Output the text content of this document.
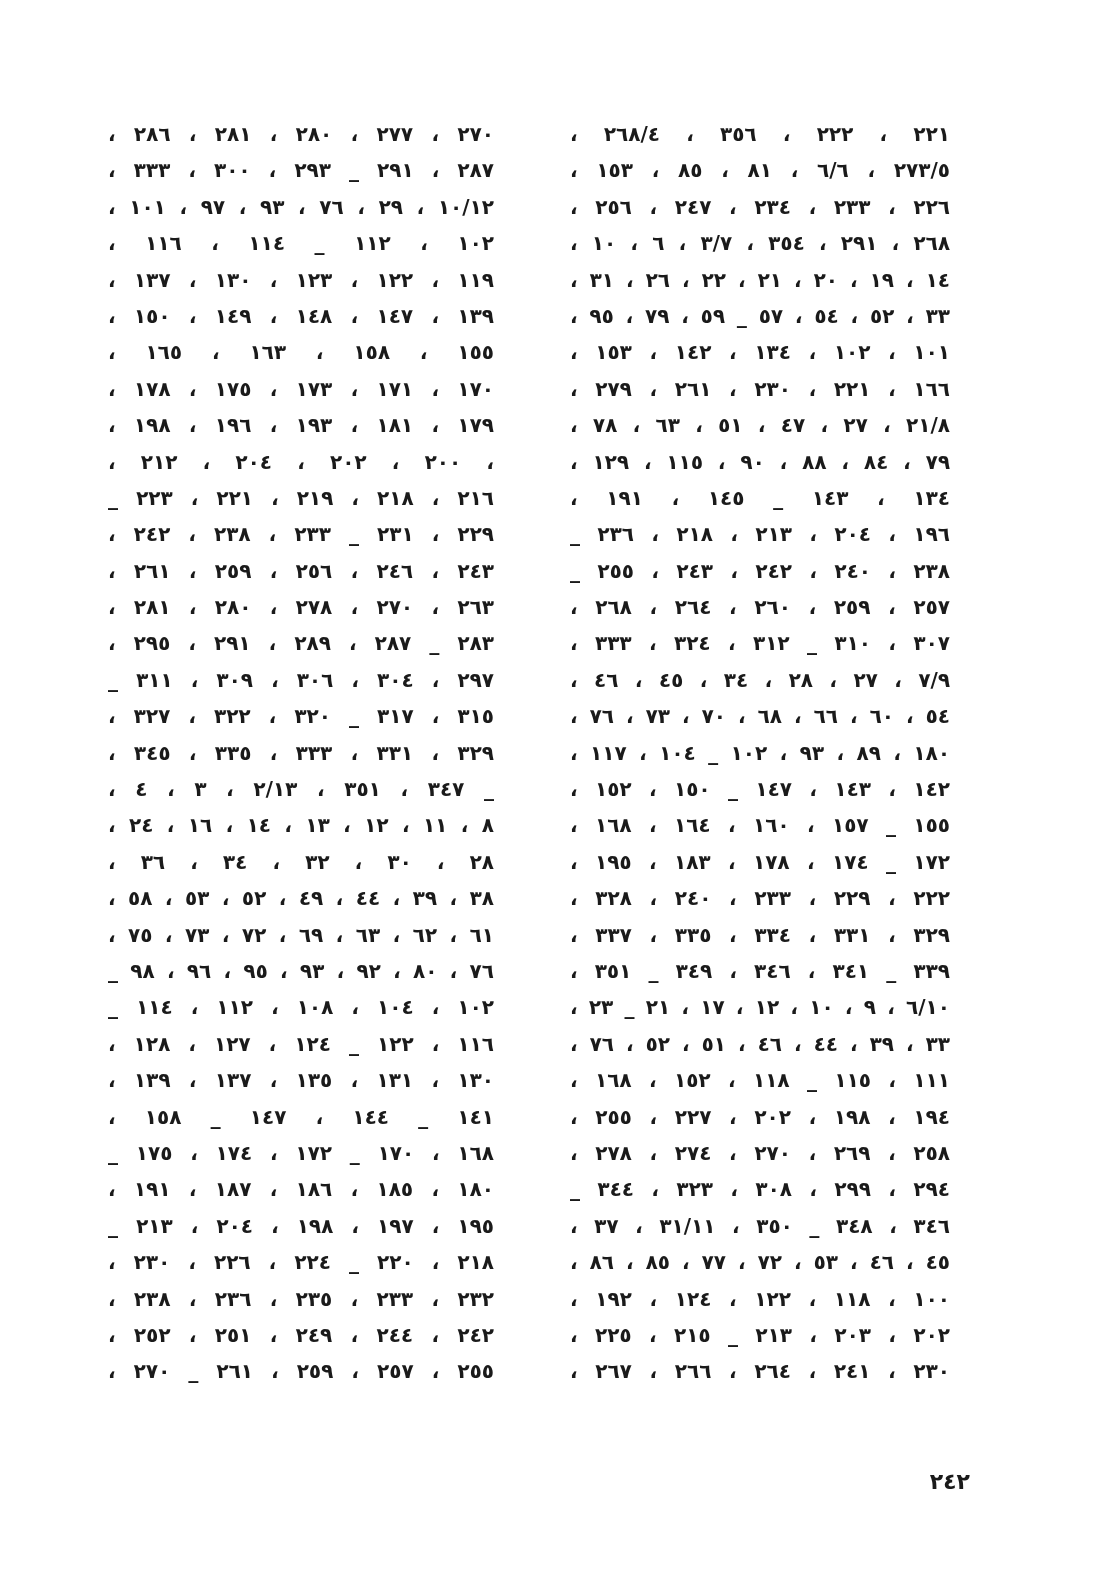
٢٢١ ، ٢٢٢ ، ٣٥٦ ، ٢٦٨/٤ ،
٢٧٣/٥ ، ٦/٦ ، ٨١ ، ٨٥ ، ١٥٣ ،
٢٢٦ ، ٢٣٣ ، ٢٣٤ ، ٢٤٧ ، ٢٥٦ ،
٢٦٨ ، ٢٩١ ، ٣٥٤ ، ٣/٧ ، ٦ ، ١٠ ،
١٤ ، ١٩ ، ٢٠ ، ٢١ ، ٢٢ ، ٢٦ ، ٣١ ،
٣٣ ، ٥٢ ، ٥٤ ، ٥٧ _ ٥٩ ، ٧٩ ، ٩٥ ،
١٠١ ، ١٠٢ ، ١٣٤ ، ١٤٢ ، ١٥٣ ،
١٦٦ ، ٢٢١ ، ٢٣٠ ، ٢٦١ ، ٢٧٩ ،
٢١/٨ ، ٢٧ ، ٤٧ ، ٥١ ، ٦٣ ، ٧٨ ،
٧٩ ، ٨٤ ، ٨٨ ، ٩٠ ، ١١٥ ، ١٢٩ ،
١٣٤ ، ١٤٣ _ ١٤٥ ، ١٩١ ،
١٩٦ ، ٢٠٤ ، ٢١٣ ، ٢١٨ ، ٢٣٦ _
٢٣٨ ، ٢٤٠ ، ٢٤٢ ، ٢٤٣ ، ٢٥٥ _
٢٥٧ ، ٢٥٩ ، ٢٦٠ ، ٢٦٤ ، ٢٦٨ ،
٣٠٧ ، ٣١٠ _ ٣١٢ ، ٣٢٤ ، ٣٣٣ ،
٧/٩ ، ٢٧ ، ٢٨ ، ٣٤ ، ٤٥ ، ٤٦ ،
٥٤ ، ٦٠ ، ٦٦ ، ٦٨ ، ٧٠ ، ٧٣ ، ٧٦ ،
١٨٠ ، ٨٩ ، ٩٣ ، ١٠٢ _ ١٠٤ ، ١١٧ ،
١٤٢ ، ١٤٣ ، ١٤٧ _ ١٥٠ ، ١٥٢ ،
١٥٥ _ ١٥٧ ، ١٦٠ ، ١٦٤ ، ١٦٨ ،
١٧٢ _ ١٧٤ ، ١٧٨ ، ١٨٣ ، ١٩٥ ،
٢٢٢ ، ٢٢٩ ، ٢٣٣ ، ٢٤٠ ، ٣٢٨ ،
٣٢٩ ، ٣٣١ ، ٣٣٤ ، ٣٣٥ ، ٣٣٧ ،
٣٣٩ _ ٣٤١ ، ٣٤٦ ، ٣٤٩ _ ٣٥١ ،
٦/١٠ ، ٩ ، ١٠ ، ١٢ ، ١٧ ، ٢١ _ ٢٣ ،
٣٣ ، ٣٩ ، ٤٤ ، ٤٦ ، ٥١ ، ٥٢ ، ٧٦ ،
١١١ ، ١١٥ _ ١١٨ ، ١٥٢ ، ١٦٨ ،
١٩٤ ، ١٩٨ ، ٢٠٢ ، ٢٢٧ ، ٢٥٥ ،
٢٥٨ ، ٢٦٩ ، ٢٧٠ ، ٢٧٤ ، ٢٧٨ ،
٢٩٤ ، ٢٩٩ ، ٣٠٨ ، ٣٢٣ ، ٣٤٤ _
٣٤٦ ، ٣٤٨ _ ٣٥٠ ، ٣١/١١ ، ٣٧ ،
٤٥ ، ٤٦ ، ٥٣ ، ٧٢ ، ٧٧ ، ٨٥ ، ٨٦ ،
١٠٠ ، ١١٨ ، ١٢٢ ، ١٢٤ ، ١٩٢ ،
٢٠٢ ، ٢٠٣ ، ٢١٣ _ ٢١٥ ، ٢٢٥ ،
٢٣٠ ، ٢٤١ ، ٢٦٤ ، ٢٦٦ ، ٢٦٧ ،
٢٧٠ ، ٢٧٧ ، ٢٨٠ ، ٢٨١ ، ٢٨٦ ،
٢٨٧ ، ٢٩١ _ ٢٩٣ ، ٣٠٠ ، ٣٣٣ ،
١٠/١٢ ، ٢٩ ، ٧٦ ، ٩٣ ، ٩٧ ، ١٠١ ،
١٠٢ ، ١١٢ _ ١١٤ ، ١١٦ ،
١١٩ ، ١٢٢ ، ١٢٣ ، ١٣٠ ، ١٣٧ ،
١٣٩ ، ١٤٧ ، ١٤٨ ، ١٤٩ ، ١٥٠ ،
١٥٥ ، ١٥٨ ، ١٦٣ ، ١٦٥ ،
١٧٠ ، ١٧١ ، ١٧٣ ، ١٧٥ ، ١٧٨ ،
١٧٩ ، ١٨١ ، ١٩٣ ، ١٩٦ ، ١٩٨ ،
، ٢٠٠ ، ٢٠٢ ، ٢٠٤ ، ٢١٢ ،
٢١٦ ، ٢١٨ ، ٢١٩ ، ٢٢١ ، ٢٢٣ _
٢٢٩ ، ٢٣١ _ ٢٣٣ ، ٢٣٨ ، ٢٤٢ ،
٢٤٣ ، ٢٤٦ ، ٢٥٦ ، ٢٥٩ ، ٢٦١ ،
٢٦٣ ، ٢٧٠ ، ٢٧٨ ، ٢٨٠ ، ٢٨١ ،
٢٨٣ _ ٢٨٧ ، ٢٨٩ ، ٢٩١ ، ٢٩٥ ،
٢٩٧ ، ٣٠٤ ، ٣٠٦ ، ٣٠٩ ، ٣١١ _
٣١٥ ، ٣١٧ _ ٣٢٠ ، ٣٢٢ ، ٣٢٧ ،
٣٢٩ ، ٣٣١ ، ٣٣٣ ، ٣٣٥ ، ٣٤٥ ،
_ ٣٤٧ ، ٣٥١ ، ٢/١٣ ، ٣ ، ٤ ،
٨ ، ١١ ، ١٢ ، ١٣ ، ١٤ ، ١٦ ، ٢٤ ،
٢٨ ، ٣٠ ، ٣٢ ، ٣٤ ، ٣٦ ،
٣٨ ، ٣٩ ، ٤٤ ، ٤٩ ، ٥٢ ، ٥٣ ، ٥٨ ،
٦١ ، ٦٢ ، ٦٣ ، ٦٩ ، ٧٢ ، ٧٣ ، ٧٥ ،
٧٦ ، ٨٠ ، ٩٢ ، ٩٣ ، ٩٥ ، ٩٦ ، ٩٨ _
١٠٢ ، ١٠٤ ، ١٠٨ ، ١١٢ ، ١١٤ _
١١٦ ، ١٢٢ _ ١٢٤ ، ١٢٧ ، ١٢٨ ،
١٣٠ ، ١٣١ ، ١٣٥ ، ١٣٧ ، ١٣٩ ،
١٤١ _ ١٤٤ ، ١٤٧ _ ١٥٨ ،
١٦٨ ، ١٧٠ _ ١٧٢ ، ١٧٤ ، ١٧٥ _
١٨٠ ، ١٨٥ ، ١٨٦ ، ١٨٧ ، ١٩١ ،
١٩٥ ، ١٩٧ ، ١٩٨ ، ٢٠٤ ، ٢١٣ _
٢١٨ ، ٢٢٠ _ ٢٢٤ ، ٢٢٦ ، ٢٣٠ ،
٢٣٢ ، ٢٣٣ ، ٢٣٥ ، ٢٣٦ ، ٢٣٨ ،
٢٤٢ ، ٢٤٤ ، ٢٤٩ ، ٢٥١ ، ٢٥٢ ،
٢٥٥ ، ٢٥٧ ، ٢٥٩ ، ٢٦١ _ ٢٧٠ ،
٢٤٢
